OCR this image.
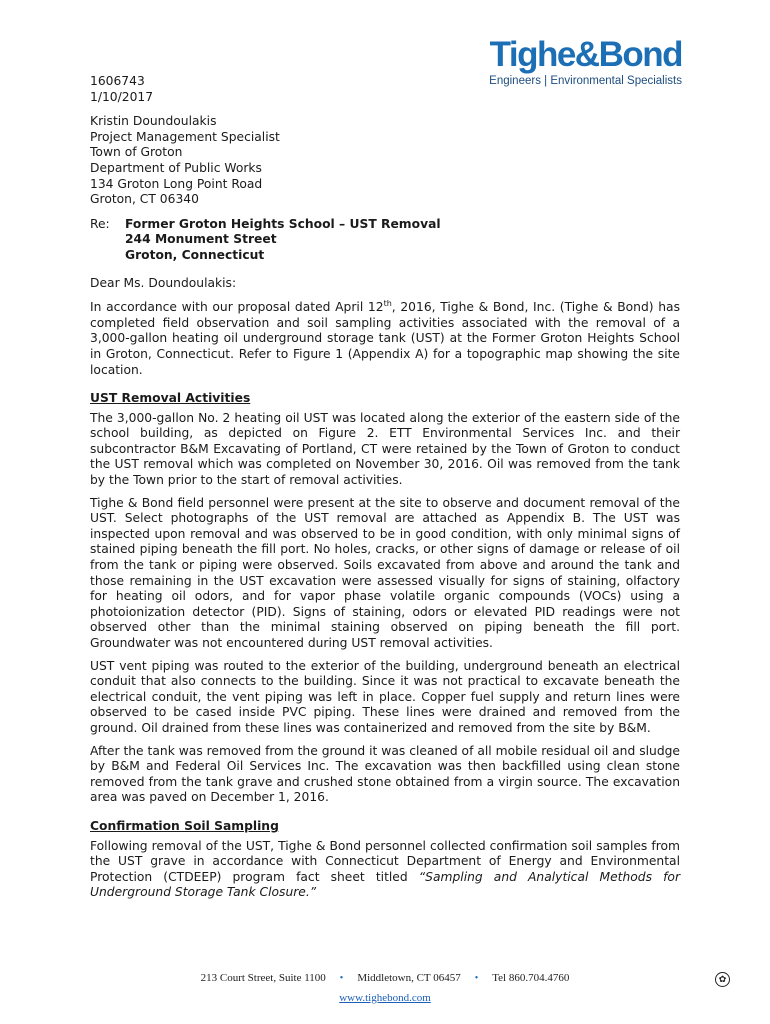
Tighe&Bond
Engineers | Environmental Specialists
1606743
1/10/2017
Kristin Doundoulakis
Project Management Specialist
Town of Groton
Department of Public Works
134 Groton Long Point Road
Groton, CT 06340
Re:	Former Groton Heights School – UST Removal
244 Monument Street
Groton, Connecticut
Dear Ms. Doundoulakis:

In accordance with our proposal dated April 12th, 2016, Tighe & Bond, Inc. (Tighe & Bond) has completed field observation and soil sampling activities associated with the removal of a 3,000-gallon heating oil underground storage tank (UST) at the Former Groton Heights School in Groton, Connecticut. Refer to Figure 1 (Appendix A) for a topographic map showing the site location.

UST Removal Activities

The 3,000-gallon No. 2 heating oil UST was located along the exterior of the eastern side of the school building, as depicted on Figure 2. ETT Environmental Services Inc. and their subcontractor B&M Excavating of Portland, CT were retained by the Town of Groton to conduct the UST removal which was completed on November 30, 2016. Oil was removed from the tank by the Town prior to the start of removal activities.

Tighe & Bond field personnel were present at the site to observe and document removal of the UST. Select photographs of the UST removal are attached as Appendix B. The UST was inspected upon removal and was observed to be in good condition, with only minimal signs of stained piping beneath the fill port. No holes, cracks, or other signs of damage or release of oil from the tank or piping were observed. Soils excavated from above and around the tank and those remaining in the UST excavation were assessed visually for signs of staining, olfactory for heating oil odors, and for vapor phase volatile organic compounds (VOCs) using a photoionization detector (PID). Signs of staining, odors or elevated PID readings were not observed other than the minimal staining observed on piping beneath the fill port. Groundwater was not encountered during UST removal activities.

UST vent piping was routed to the exterior of the building, underground beneath an electrical conduit that also connects to the building. Since it was not practical to excavate beneath the electrical conduit, the vent piping was left in place. Copper fuel supply and return lines were observed to be cased inside PVC piping. These lines were drained and removed from the ground. Oil drained from these lines was containerized and removed from the site by B&M.

After the tank was removed from the ground it was cleaned of all mobile residual oil and sludge by B&M and Federal Oil Services Inc. The excavation was then backfilled using clean stone removed from the tank grave and crushed stone obtained from a virgin source. The excavation area was paved on December 1, 2016.

Confirmation Soil Sampling

Following removal of the UST, Tighe & Bond personnel collected confirmation soil samples from the UST grave in accordance with Connecticut Department of Energy and Environmental Protection (CTDEEP) program fact sheet titled “Sampling and Analytical Methods for Underground Storage Tank Closure.”

213 Court Street, Suite 1100 • Middletown, CT 06457 • Tel 860.704.4760
www.tighebond.com
✿
